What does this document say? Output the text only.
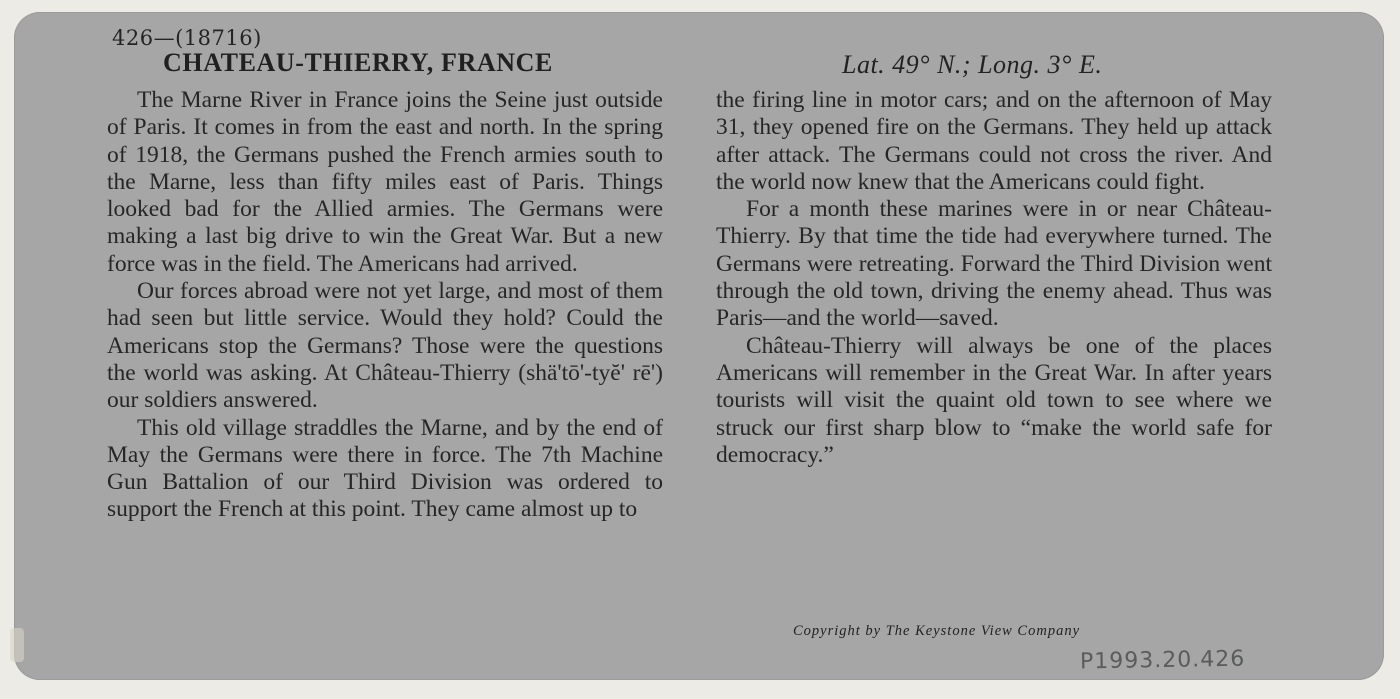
426—(18716)
CHATEAU-THIERRY, FRANCE	Lat. 49° N.; Long. 3° E.

The Marne River in France joins the Seine just outside of Paris. It comes in from the east and north. In the spring of 1918, the Germans pushed the French armies south to the Marne, less than fifty miles east of Paris. Things looked bad for the Allied armies. The Germans were making a last big drive to win the Great War. But a new force was in the field. The Americans had arrived.

Our forces abroad were not yet large, and most of them had seen but little service. Would they hold? Could the Americans stop the Germans? Those were the questions the world was asking. At Château-Thierry (shä'tō'-tyĕ' rē') our soldiers answered.

This old village straddles the Marne, and by the end of May the Germans were there in force. The 7th Machine Gun Battalion of our Third Division was ordered to support the French at this point. They came almost up to

the firing line in motor cars; and on the afternoon of May 31, they opened fire on the Germans. They held up attack after attack. The Germans could not cross the river. And the world now knew that the Americans could fight.

For a month these marines were in or near Château-Thierry. By that time the tide had everywhere turned. The Germans were retreating. Forward the Third Division went through the old town, driving the enemy ahead. Thus was Paris—and the world—saved.

Château-Thierry will always be one of the places Americans will remember in the Great War. In after years tourists will visit the quaint old town to see where we struck our first sharp blow to “make the world safe for democracy.”

Copyright by The Keystone View Company
P1993.20.426
